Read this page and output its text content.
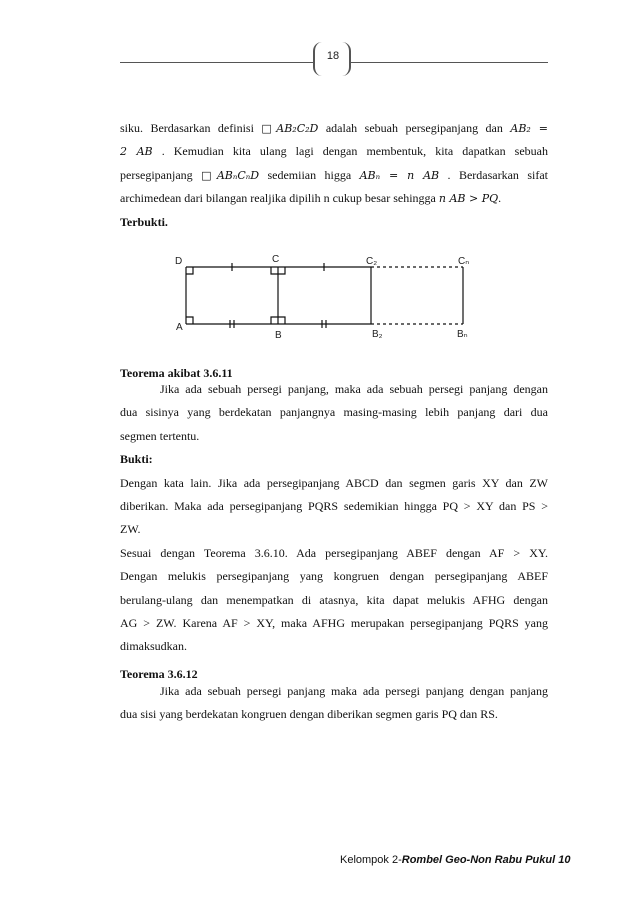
18
siku. Berdasarkan definisi □AB₂C₂D adalah sebuah persegipanjang dan AB₂ =
2 AB . Kemudian kita ulang lagi dengan membentuk, kita dapatkan sebuah
persegipanjang □ABₙCₙD sedemiian higga ABₙ = n AB . Berdasarkan sifat
archimedean dari bilangan realjika dipilih n cukup besar sehingga n AB > PQ.
Terbukti.
D	C	C₂	Cₙ
A
B	B₂	Bₙ
Teorema akibat 3.6.11
Jika ada sebuah persegi panjang, maka ada sebuah persegi panjang dengan
dua sisinya yang berdekatan panjangnya masing-masing lebih panjang dari dua
segmen tertentu.
Bukti:
Dengan kata lain. Jika ada persegipanjang ABCD dan segmen garis XY dan ZW
diberikan. Maka ada persegipanjang PQRS sedemikian hingga PQ > XY dan PS >
ZW.
Sesuai dengan Teorema 3.6.10. Ada persegipanjang ABEF dengan AF > XY.
Dengan melukis persegipanjang yang kongruen dengan persegipanjang ABEF
berulang-ulang dan menempatkan di atasnya, kita dapat melukis AFHG dengan
AG > ZW. Karena AF > XY, maka AFHG merupakan persegipanjang PQRS yang
dimaksudkan.
Teorema 3.6.12
Jika ada sebuah persegi panjang maka ada persegi panjang dengan panjang
dua sisi yang berdekatan kongruen dengan diberikan segmen garis PQ dan RS.
Kelompok 2-Rombel Geo-Non Rabu Pukul 10
